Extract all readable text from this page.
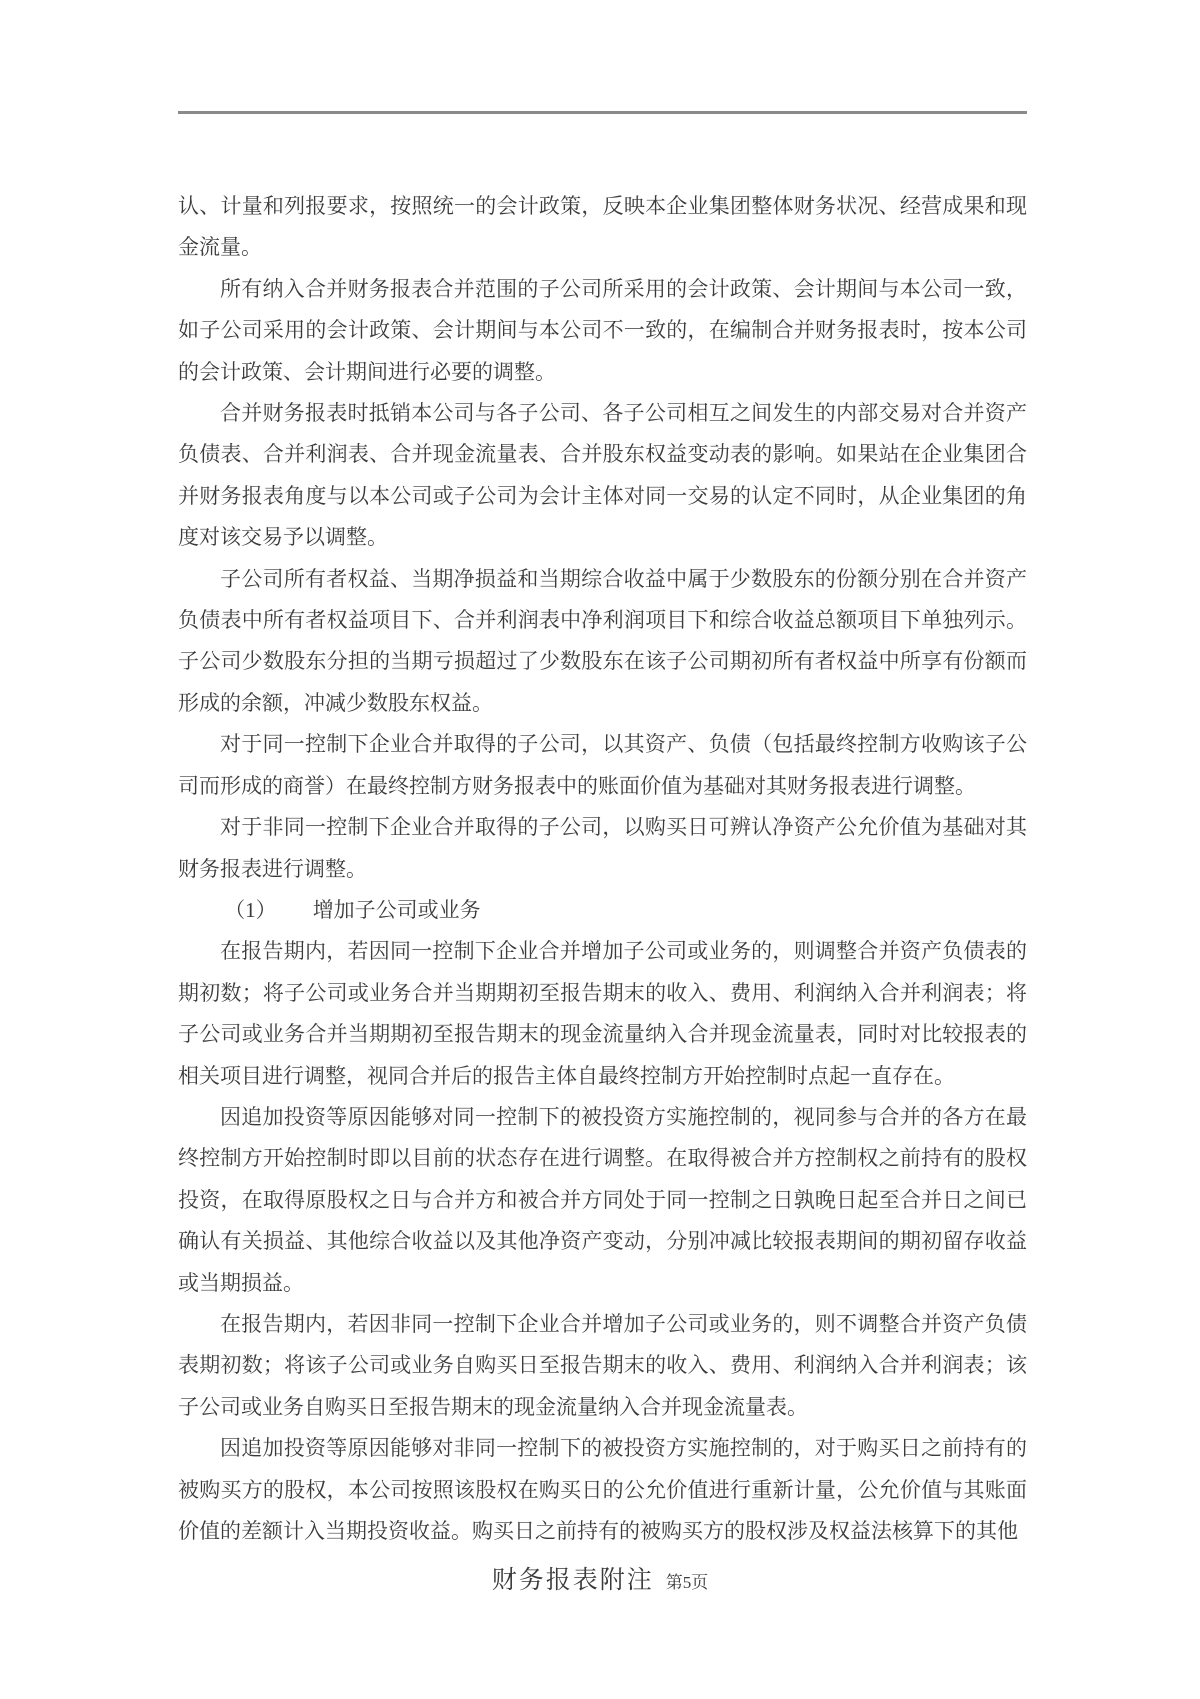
认、计量和列报要求，按照统一的会计政策，反映本企业集团整体财务状况、经营成果和现金流量。

所有纳入合并财务报表合并范围的子公司所采用的会计政策、会计期间与本公司一致，如子公司采用的会计政策、会计期间与本公司不一致的，在编制合并财务报表时，按本公司的会计政策、会计期间进行必要的调整。

合并财务报表时抵销本公司与各子公司、各子公司相互之间发生的内部交易对合并资产负债表、合并利润表、合并现金流量表、合并股东权益变动表的影响。如果站在企业集团合并财务报表角度与以本公司或子公司为会计主体对同一交易的认定不同时，从企业集团的角度对该交易予以调整。

子公司所有者权益、当期净损益和当期综合收益中属于少数股东的份额分别在合并资产负债表中所有者权益项目下、合并利润表中净利润项目下和综合收益总额项目下单独列示。子公司少数股东分担的当期亏损超过了少数股东在该子公司期初所有者权益中所享有份额而形成的余额，冲减少数股东权益。

对于同一控制下企业合并取得的子公司，以其资产、负债（包括最终控制方收购该子公司而形成的商誉）在最终控制方财务报表中的账面价值为基础对其财务报表进行调整。

对于非同一控制下企业合并取得的子公司，以购买日可辨认净资产公允价值为基础对其财务报表进行调整。

（1） 增加子公司或业务

在报告期内，若因同一控制下企业合并增加子公司或业务的，则调整合并资产负债表的期初数；将子公司或业务合并当期期初至报告期末的收入、费用、利润纳入合并利润表；将子公司或业务合并当期期初至报告期末的现金流量纳入合并现金流量表，同时对比较报表的相关项目进行调整，视同合并后的报告主体自最终控制方开始控制时点起一直存在。

因追加投资等原因能够对同一控制下的被投资方实施控制的，视同参与合并的各方在最终控制方开始控制时即以目前的状态存在进行调整。在取得被合并方控制权之前持有的股权投资，在取得原股权之日与合并方和被合并方同处于同一控制之日孰晚日起至合并日之间已确认有关损益、其他综合收益以及其他净资产变动，分别冲减比较报表期间的期初留存收益或当期损益。

在报告期内，若因非同一控制下企业合并增加子公司或业务的，则不调整合并资产负债表期初数；将该子公司或业务自购买日至报告期末的收入、费用、利润纳入合并利润表；该子公司或业务自购买日至报告期末的现金流量纳入合并现金流量表。

因追加投资等原因能够对非同一控制下的被投资方实施控制的，对于购买日之前持有的被购买方的股权，本公司按照该股权在购买日的公允价值进行重新计量，公允价值与其账面价值的差额计入当期投资收益。购买日之前持有的被购买方的股权涉及权益法核算下的其他

财务报表附注 第5页
